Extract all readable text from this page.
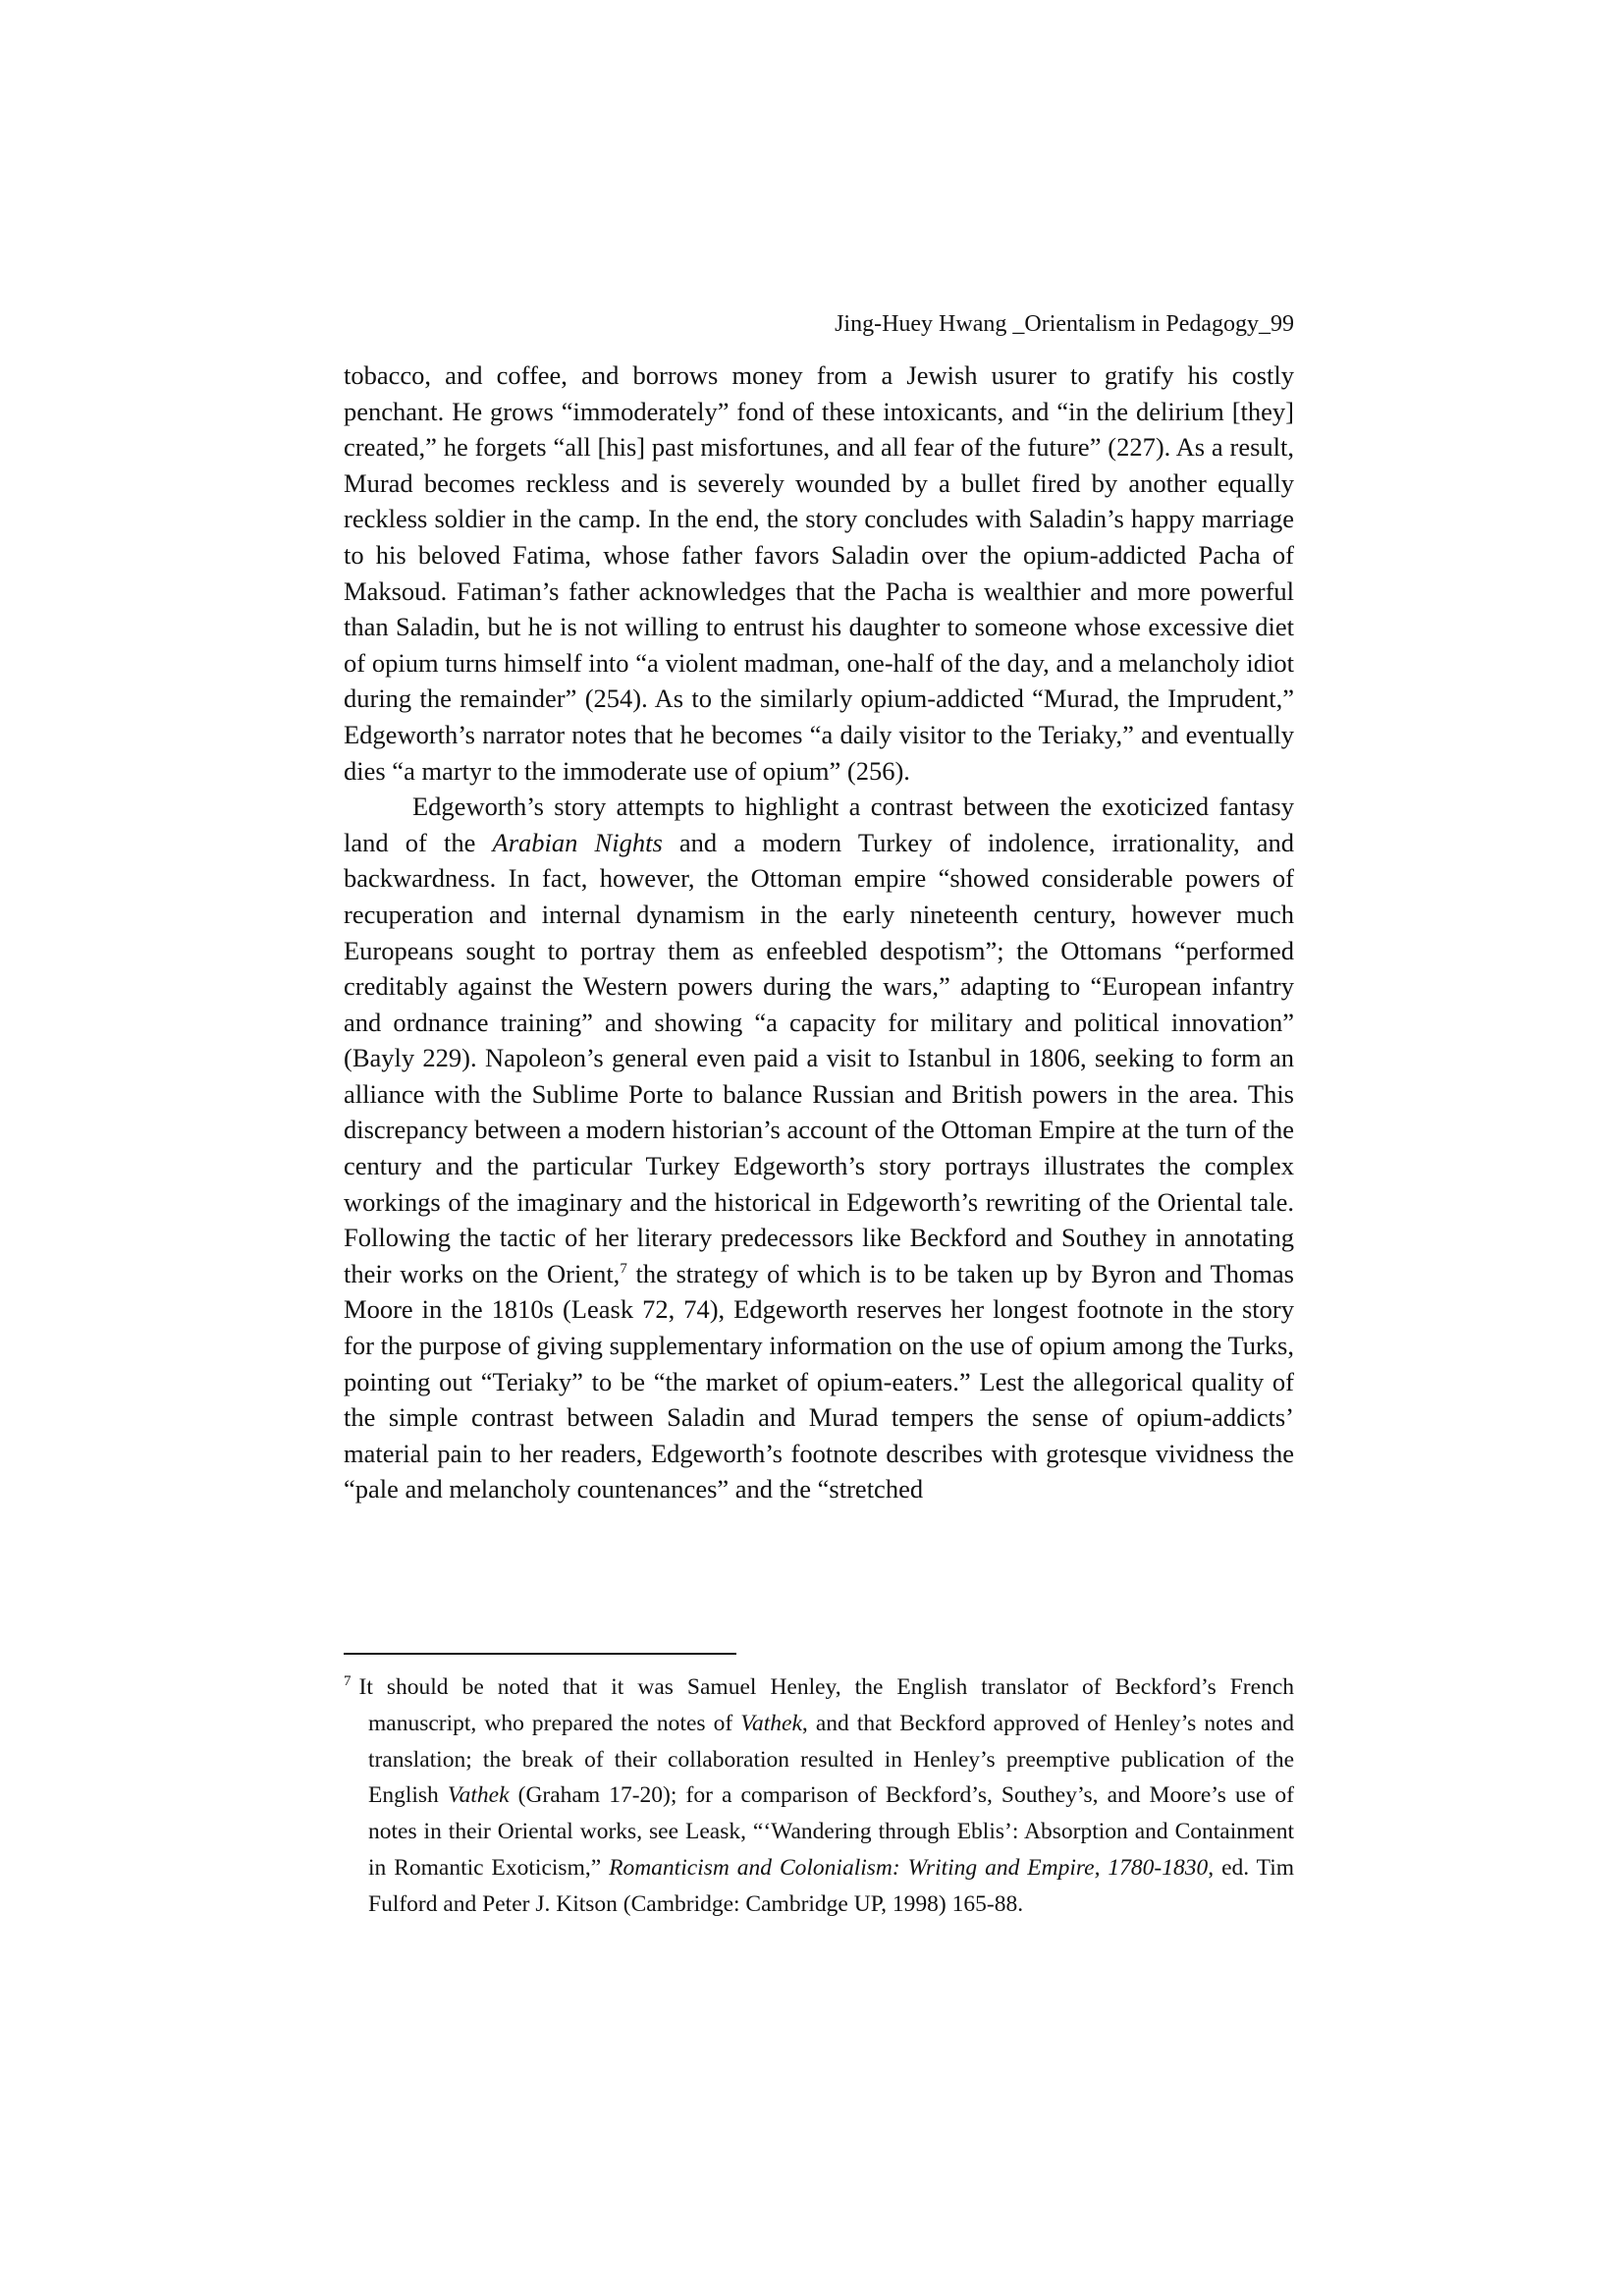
Jing-Huey Hwang _Orientalism in Pedagogy_99

tobacco, and coffee, and borrows money from a Jewish usurer to gratify his costly penchant. He grows “immoderately” fond of these intoxicants, and “in the delirium [they] created,” he forgets “all [his] past misfortunes, and all fear of the future” (227). As a result, Murad becomes reckless and is severely wounded by a bullet fired by another equally reckless soldier in the camp. In the end, the story concludes with Saladin’s happy marriage to his beloved Fatima, whose father favors Saladin over the opium-addicted Pacha of Maksoud. Fatiman’s father acknowledges that the Pacha is wealthier and more powerful than Saladin, but he is not willing to entrust his daughter to someone whose excessive diet of opium turns himself into “a violent madman, one-half of the day, and a melancholy idiot during the remainder” (254). As to the similarly opium-addicted “Murad, the Imprudent,” Edgeworth’s narrator notes that he becomes “a daily visitor to the Teriaky,” and eventually dies “a martyr to the immoderate use of opium” (256).

Edgeworth’s story attempts to highlight a contrast between the exoticized fantasy land of the Arabian Nights and a modern Turkey of indolence, irrationality, and backwardness. In fact, however, the Ottoman empire “showed considerable powers of recuperation and internal dynamism in the early nineteenth century, however much Europeans sought to portray them as enfeebled despotism”; the Ottomans “performed creditably against the Western powers during the wars,” adapting to “European infantry and ordnance training” and showing “a capacity for military and political innovation” (Bayly 229). Napoleon’s general even paid a visit to Istanbul in 1806, seeking to form an alliance with the Sublime Porte to balance Russian and British powers in the area. This discrepancy between a modern historian’s account of the Ottoman Empire at the turn of the century and the particular Turkey Edgeworth’s story portrays illustrates the complex workings of the imaginary and the historical in Edgeworth’s rewriting of the Oriental tale. Following the tactic of her literary predecessors like Beckford and Southey in annotating their works on the Orient,$^7$ the strategy of which is to be taken up by Byron and Thomas Moore in the 1810s (Leask 72, 74), Edgeworth reserves her longest footnote in the story for the purpose of giving supplementary information on the use of opium among the Turks, pointing out “Teriaky” to be “the market of opium-eaters.” Lest the allegorical quality of the simple contrast between Saladin and Murad tempers the sense of opium-addicts’ material pain to her readers, Edgeworth’s footnote describes with grotesque vividness the “pale and melancholy countenances” and the “stretched

$^7$ It should be noted that it was Samuel Henley, the English translator of Beckford’s French manuscript, who prepared the notes of Vathek, and that Beckford approved of Henley’s notes and translation; the break of their collaboration resulted in Henley’s preemptive publication of the English Vathek (Graham 17-20); for a comparison of Beckford’s, Southey’s, and Moore’s use of notes in their Oriental works, see Leask, “‘Wandering through Eblis’: Absorption and Containment in Romantic Exoticism,” Romanticism and Colonialism: Writing and Empire, 1780-1830, ed. Tim Fulford and Peter J. Kitson (Cambridge: Cambridge UP, 1998) 165-88.
